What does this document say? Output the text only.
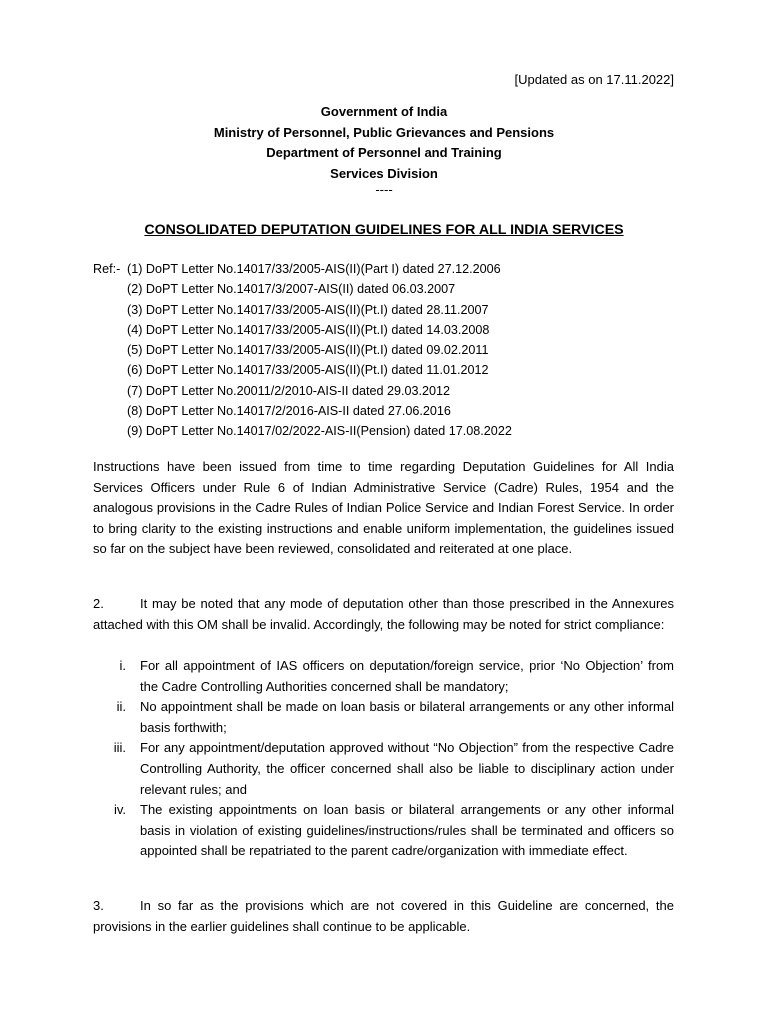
[Updated as on 17.11.2022]
Government of India
Ministry of Personnel, Public Grievances and Pensions
Department of Personnel and Training
Services Division
----
CONSOLIDATED DEPUTATION GUIDELINES FOR ALL INDIA SERVICES
Ref:- (1) DoPT Letter No.14017/33/2005-AIS(II)(Part I) dated 27.12.2006
(2) DoPT Letter No.14017/3/2007-AIS(II) dated 06.03.2007
(3) DoPT Letter No.14017/33/2005-AIS(II)(Pt.I) dated 28.11.2007
(4) DoPT Letter No.14017/33/2005-AIS(II)(Pt.I) dated 14.03.2008
(5) DoPT Letter No.14017/33/2005-AIS(II)(Pt.I) dated 09.02.2011
(6) DoPT Letter No.14017/33/2005-AIS(II)(Pt.I) dated 11.01.2012
(7) DoPT Letter No.20011/2/2010-AIS-II dated 29.03.2012
(8) DoPT Letter No.14017/2/2016-AIS-II dated 27.06.2016
(9) DoPT Letter No.14017/02/2022-AIS-II(Pension) dated 17.08.2022
Instructions have been issued from time to time regarding Deputation Guidelines for All India Services Officers under Rule 6 of Indian Administrative Service (Cadre) Rules, 1954 and the analogous provisions in the Cadre Rules of Indian Police Service and Indian Forest Service. In order to bring clarity to the existing instructions and enable uniform implementation, the guidelines issued so far on the subject have been reviewed, consolidated and reiterated at one place.
2.	It may be noted that any mode of deputation other than those prescribed in the Annexures attached with this OM shall be invalid. Accordingly, the following may be noted for strict compliance:
i.	For all appointment of IAS officers on deputation/foreign service, prior ‘No Objection’ from the Cadre Controlling Authorities concerned shall be mandatory;
ii.	No appointment shall be made on loan basis or bilateral arrangements or any other informal basis forthwith;
iii.	For any appointment/deputation approved without “No Objection” from the respective Cadre Controlling Authority, the officer concerned shall also be liable to disciplinary action under relevant rules; and
iv.	The existing appointments on loan basis or bilateral arrangements or any other informal basis in violation of existing guidelines/instructions/rules shall be terminated and officers so appointed shall be repatriated to the parent cadre/organization with immediate effect.
3.	In so far as the provisions which are not covered in this Guideline are concerned, the provisions in the earlier guidelines shall continue to be applicable.
